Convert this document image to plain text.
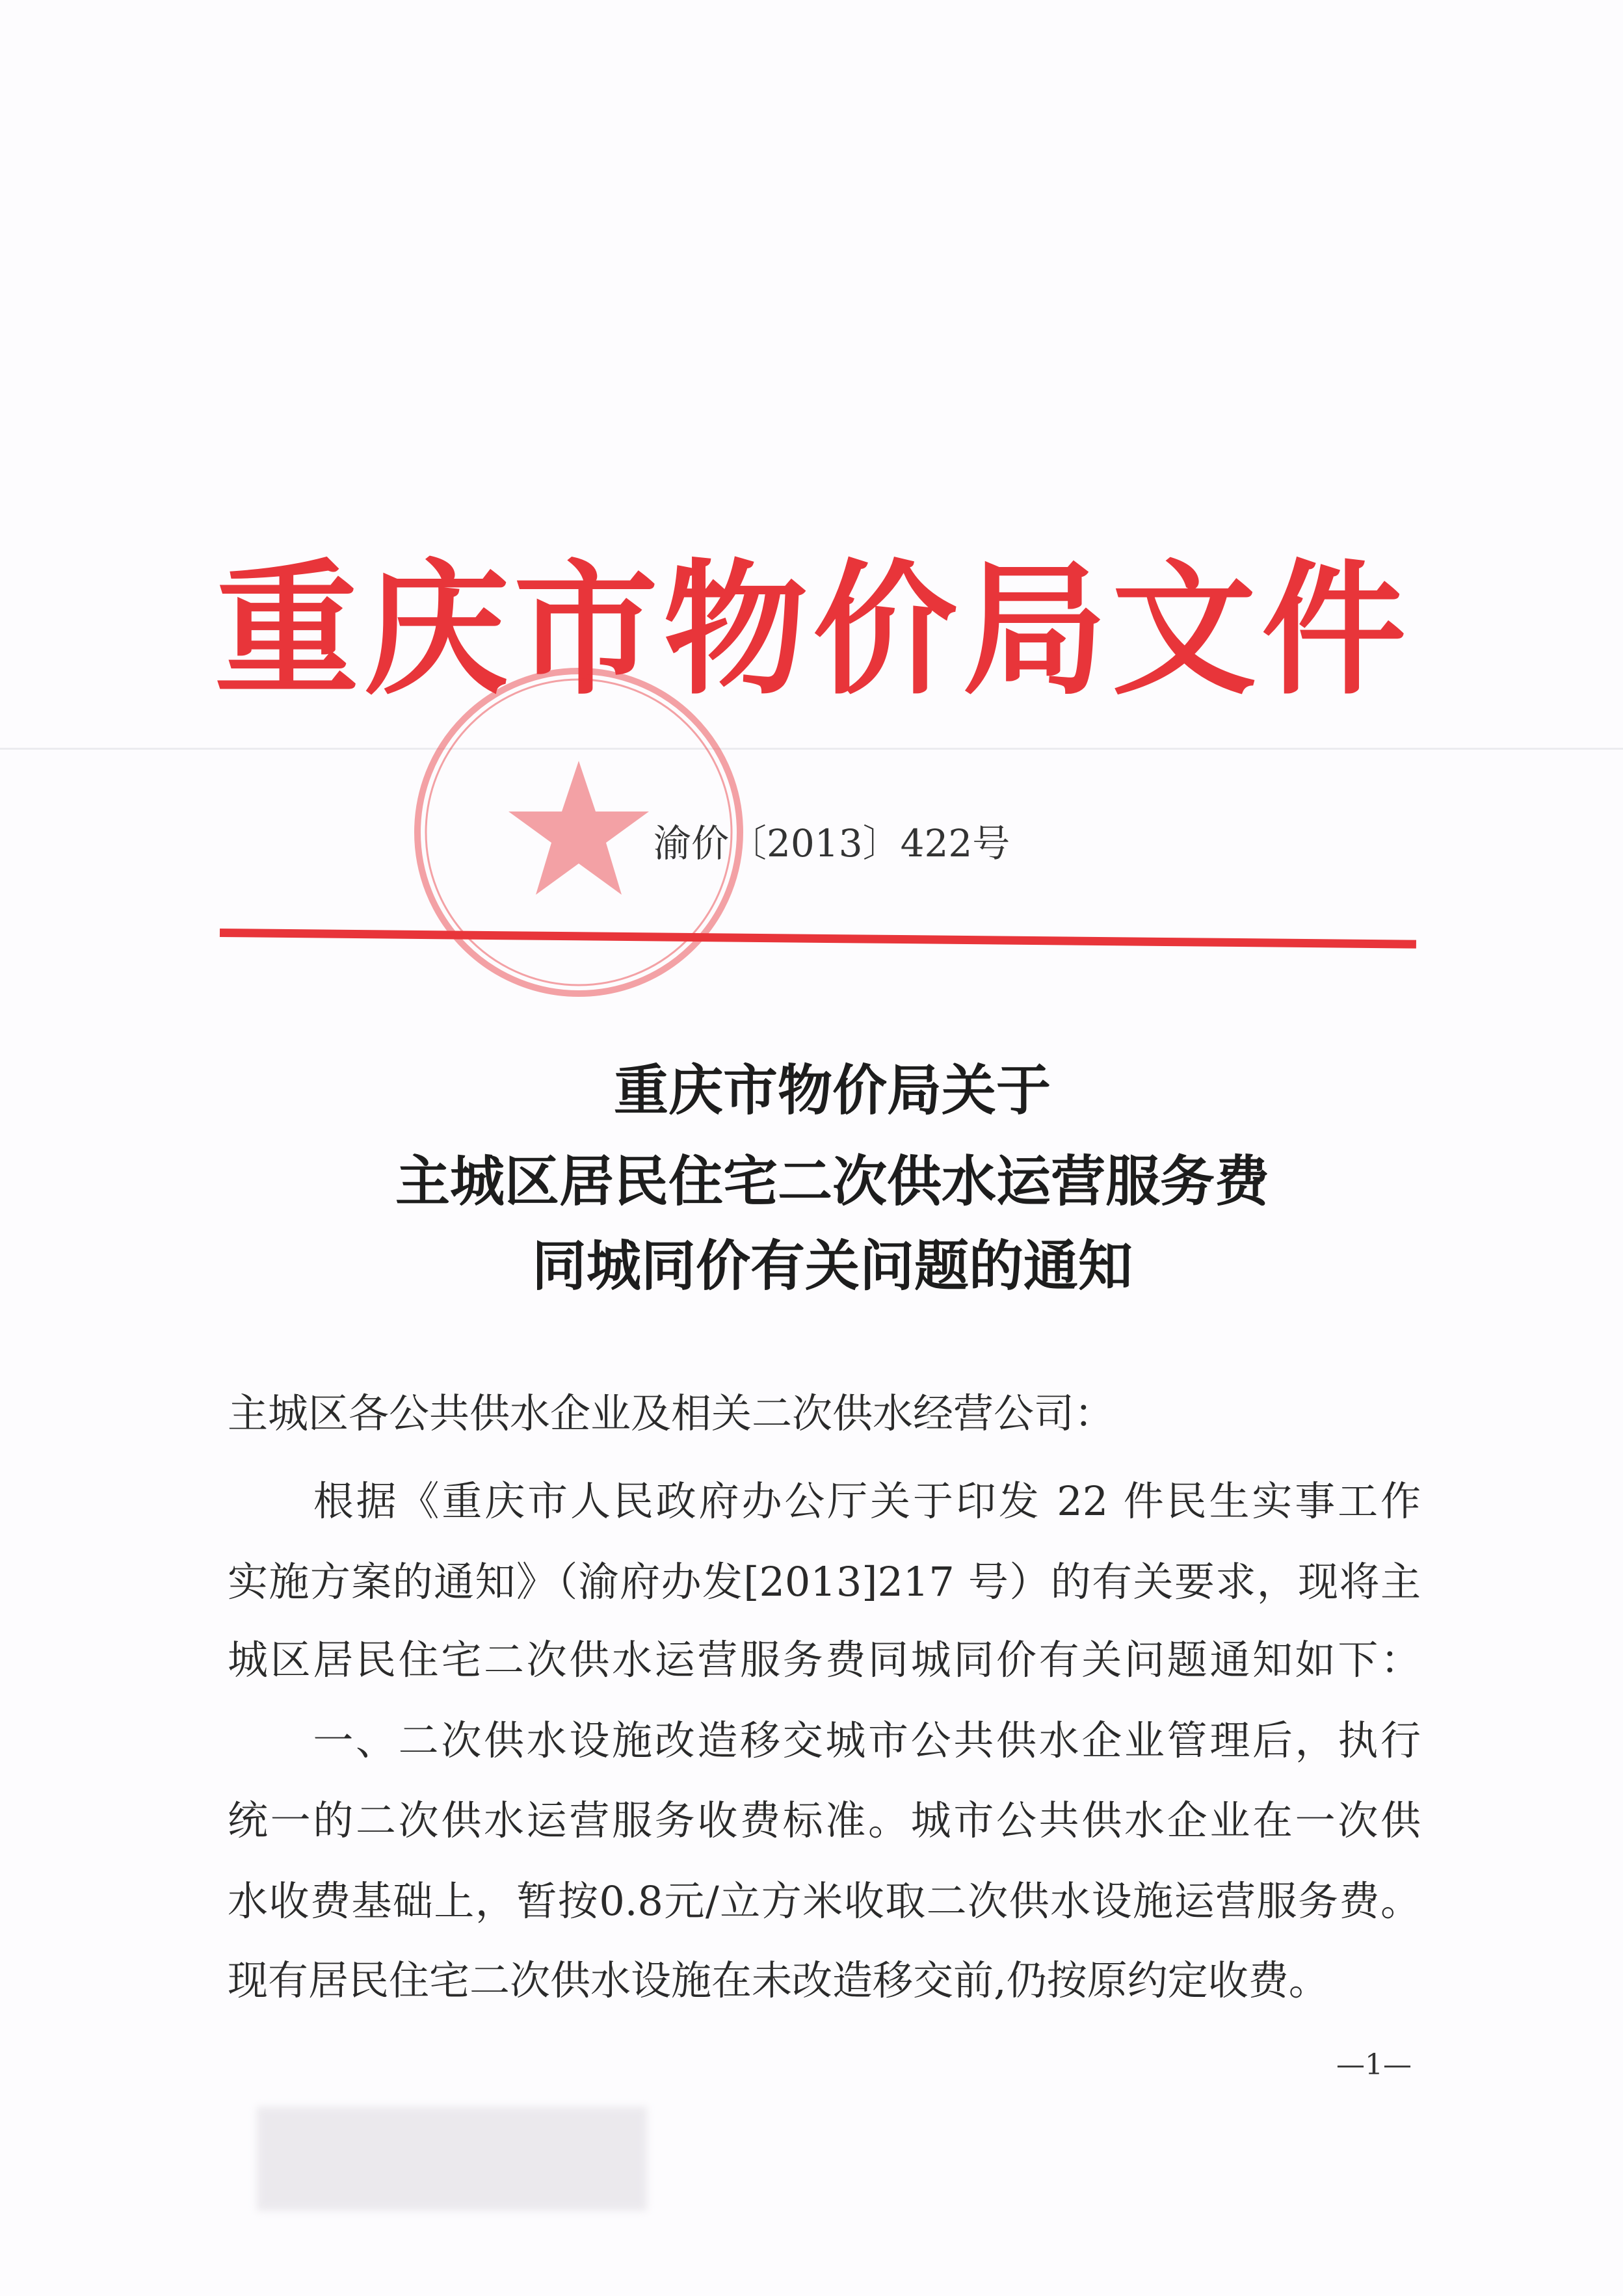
重庆市物价局文件
渝价〔2013〕422号
重庆市物价局关于
主城区居民住宅二次供水运营服务费
同城同价有关问题的通知
主城区各公共供水企业及相关二次供水经营公司：
　　根据《重庆市人民政府办公厅关于印发 22 件民生实事工作
实施方案的通知》（渝府办发[2013]217 号）的有关要求，现将主
城区居民住宅二次供水运营服务费同城同价有关问题通知如下：
　　一、二次供水设施改造移交城市公共供水企业管理后，执行
统一的二次供水运营服务收费标准。城市公共供水企业在一次供
水收费基础上，暂按0.8元/立方米收取二次供水设施运营服务费。
现有居民住宅二次供水设施在未改造移交前,仍按原约定收费。
—1—
